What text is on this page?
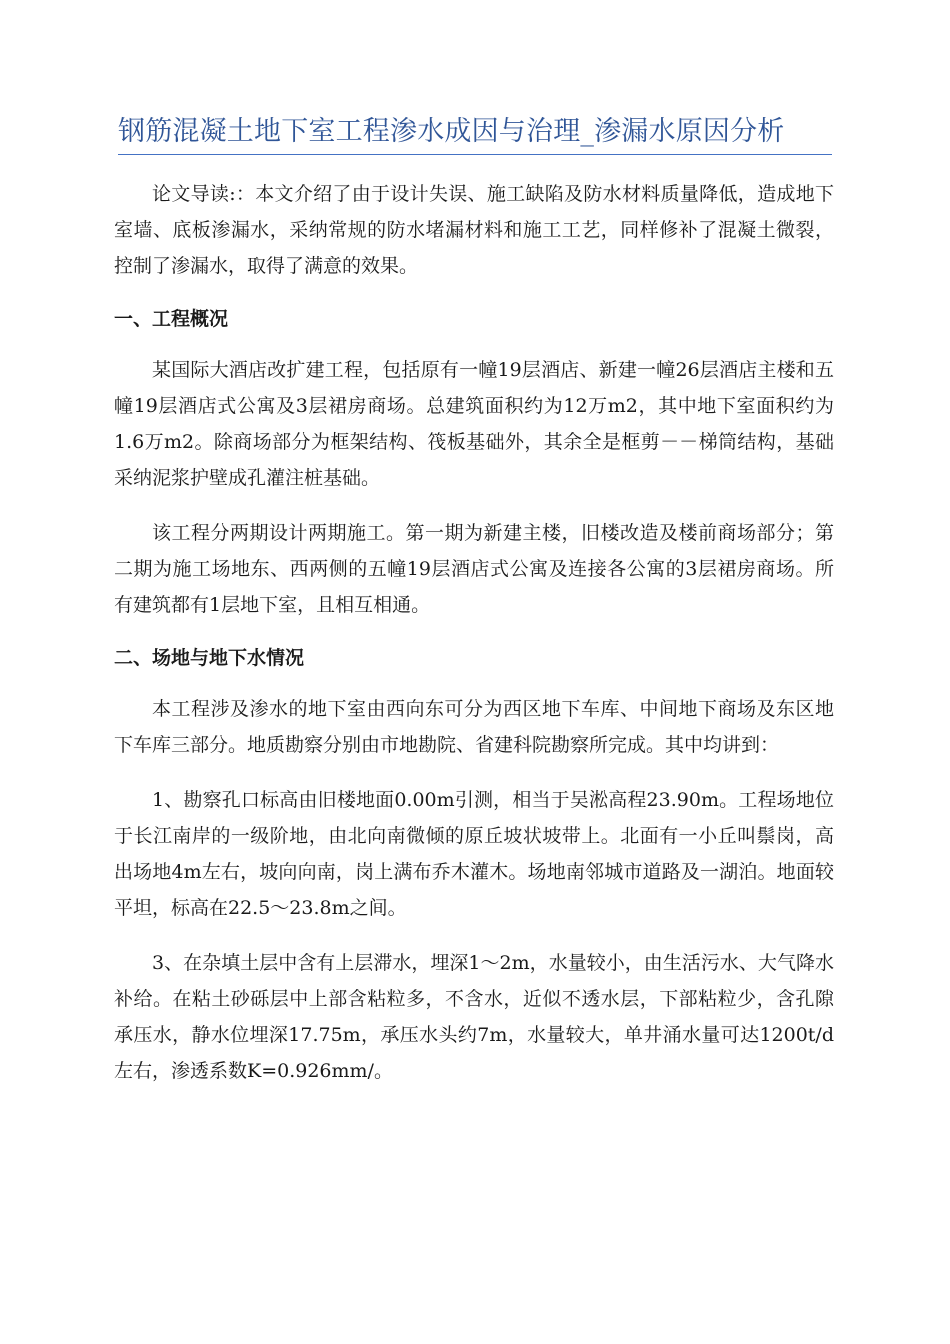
钢筋混凝土地下室工程渗水成因与治理_渗漏水原因分析

论文导读:：本文介绍了由于设计失误、施工缺陷及防水材料质量降低，造成地下室墙、底板渗漏水，采纳常规的防水堵漏材料和施工工艺，同样修补了混凝土微裂，控制了渗漏水，取得了满意的效果。

一、工程概况

某国际大酒店改扩建工程，包括原有一幢19层酒店、新建一幢26层酒店主楼和五幢19层酒店式公寓及3层裙房商场。总建筑面积约为12万m2，其中地下室面积约为1.6万m2。除商场部分为框架结构、筏板基础外，其余全是框剪－－梯筒结构，基础采纳泥浆护壁成孔灌注桩基础。

该工程分两期设计两期施工。第一期为新建主楼，旧楼改造及楼前商场部分；第二期为施工场地东、西两侧的五幢19层酒店式公寓及连接各公寓的3层裙房商场。所有建筑都有1层地下室，且相互相通。

二、场地与地下水情况

本工程涉及渗水的地下室由西向东可分为西区地下车库、中间地下商场及东区地下车库三部分。地质勘察分别由市地勘院、省建科院勘察所完成。其中均讲到：

1、勘察孔口标高由旧楼地面0.00m引测，相当于吴淞高程23.90m。工程场地位于长江南岸的一级阶地，由北向南微倾的原丘坡状坡带上。北面有一小丘叫鬃岗，高出场地4m左右，坡向向南，岗上满布乔木灌木。场地南邻城市道路及一湖泊。地面较平坦，标高在22.5～23.8m之间。

3、在杂填土层中含有上层滞水，埋深1～2m，水量较小，由生活污水、大气降水补给。在粘土砂砾层中上部含粘粒多，不含水，近似不透水层，下部粘粒少，含孔隙承压水，静水位埋深17.75m，承压水头约7m，水量较大，单井涌水量可达1200t/d左右，渗透系数K=0.926mm/。
